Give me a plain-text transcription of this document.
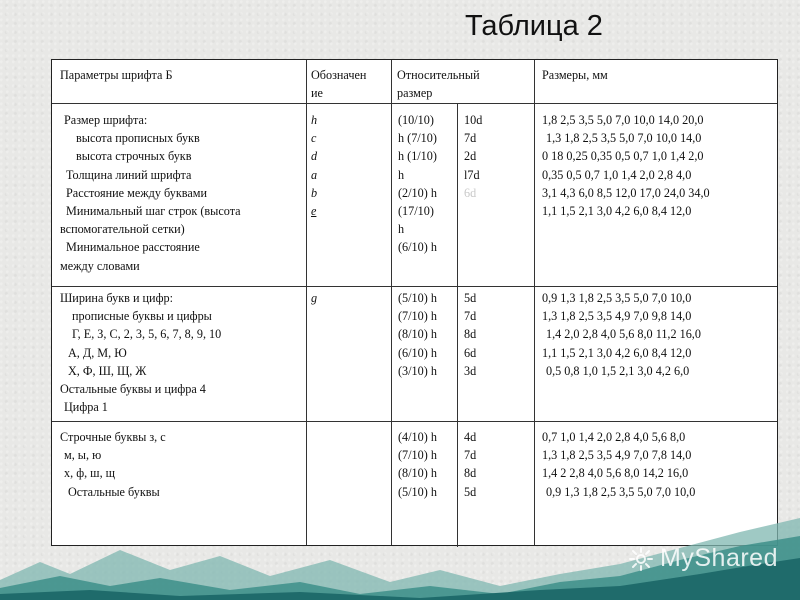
Таблица 2
Параметры шрифта Б	Обозначен
ие
Относительный
размер
Размеры, мм
Размер шрифта:
высота прописных букв
высота строчных букв
Толщина линий шрифта
Расстояние между буквами
Минимальный шаг строк (высота
вспомогательной сетки)
Минимальное расстояние
между словами
h
c
d
a
b
e
(10/10)
h (7/10)
h (1/10)
h
(2/10) h
(17/10)
h
(6/10) h
10d
7d
2d
l7d
6d
1,8 2,5 3,5 5,0 7,0 10,0 14,0 20,0
1,3 1,8 2,5 3,5 5,0 7,0 10,0 14,0
0 18 0,25 0,35 0,5 0,7 1,0 1,4 2,0
0,35 0,5 0,7 1,0 1,4 2,0 2,8 4,0
3,1 4,3 6,0 8,5 12,0 17,0 24,0 34,0
1,1 1,5 2,1 3,0 4,2 6,0 8,4 12,0
Ширина букв и цифр:
прописные буквы и цифры
Г, Е, З, С, 2, 3, 5, 6, 7, 8, 9, 10
А, Д, М, Ю
Х, Ф, Ш, Щ, Ж
Остальные буквы и цифра 4
Цифра 1
g	(5/10) h
(7/10) h
(8/10) h
(6/10) h
(3/10) h
5d
7d
8d
6d
3d
0,9 1,3 1,8 2,5 3,5 5,0 7,0 10,0
1,3 1,8 2,5 3,5 4,9 7,0 9,8 14,0
1,4 2,0 2,8 4,0 5,6 8,0 11,2 16,0
1,1 1,5 2,1 3,0 4,2 6,0 8,4 12,0
0,5 0,8 1,0 1,5 2,1 3,0 4,2 6,0
Строчные буквы з, с
м, ы, ю
х, ф, ш, щ
Остальные буквы
(4/10) h
(7/10) h
(8/10) h
(5/10) h
4d
7d
8d
5d
0,7 1,0 1,4 2,0 2,8 4,0 5,6 8,0
1,3 1,8 2,5 3,5 4,9 7,0 7,8 14,0
1,4 2 2,8 4,0 5,6 8,0 14,2 16,0
0,9 1,3 1,8 2,5 3,5 5,0 7,0 10,0
MyShared
